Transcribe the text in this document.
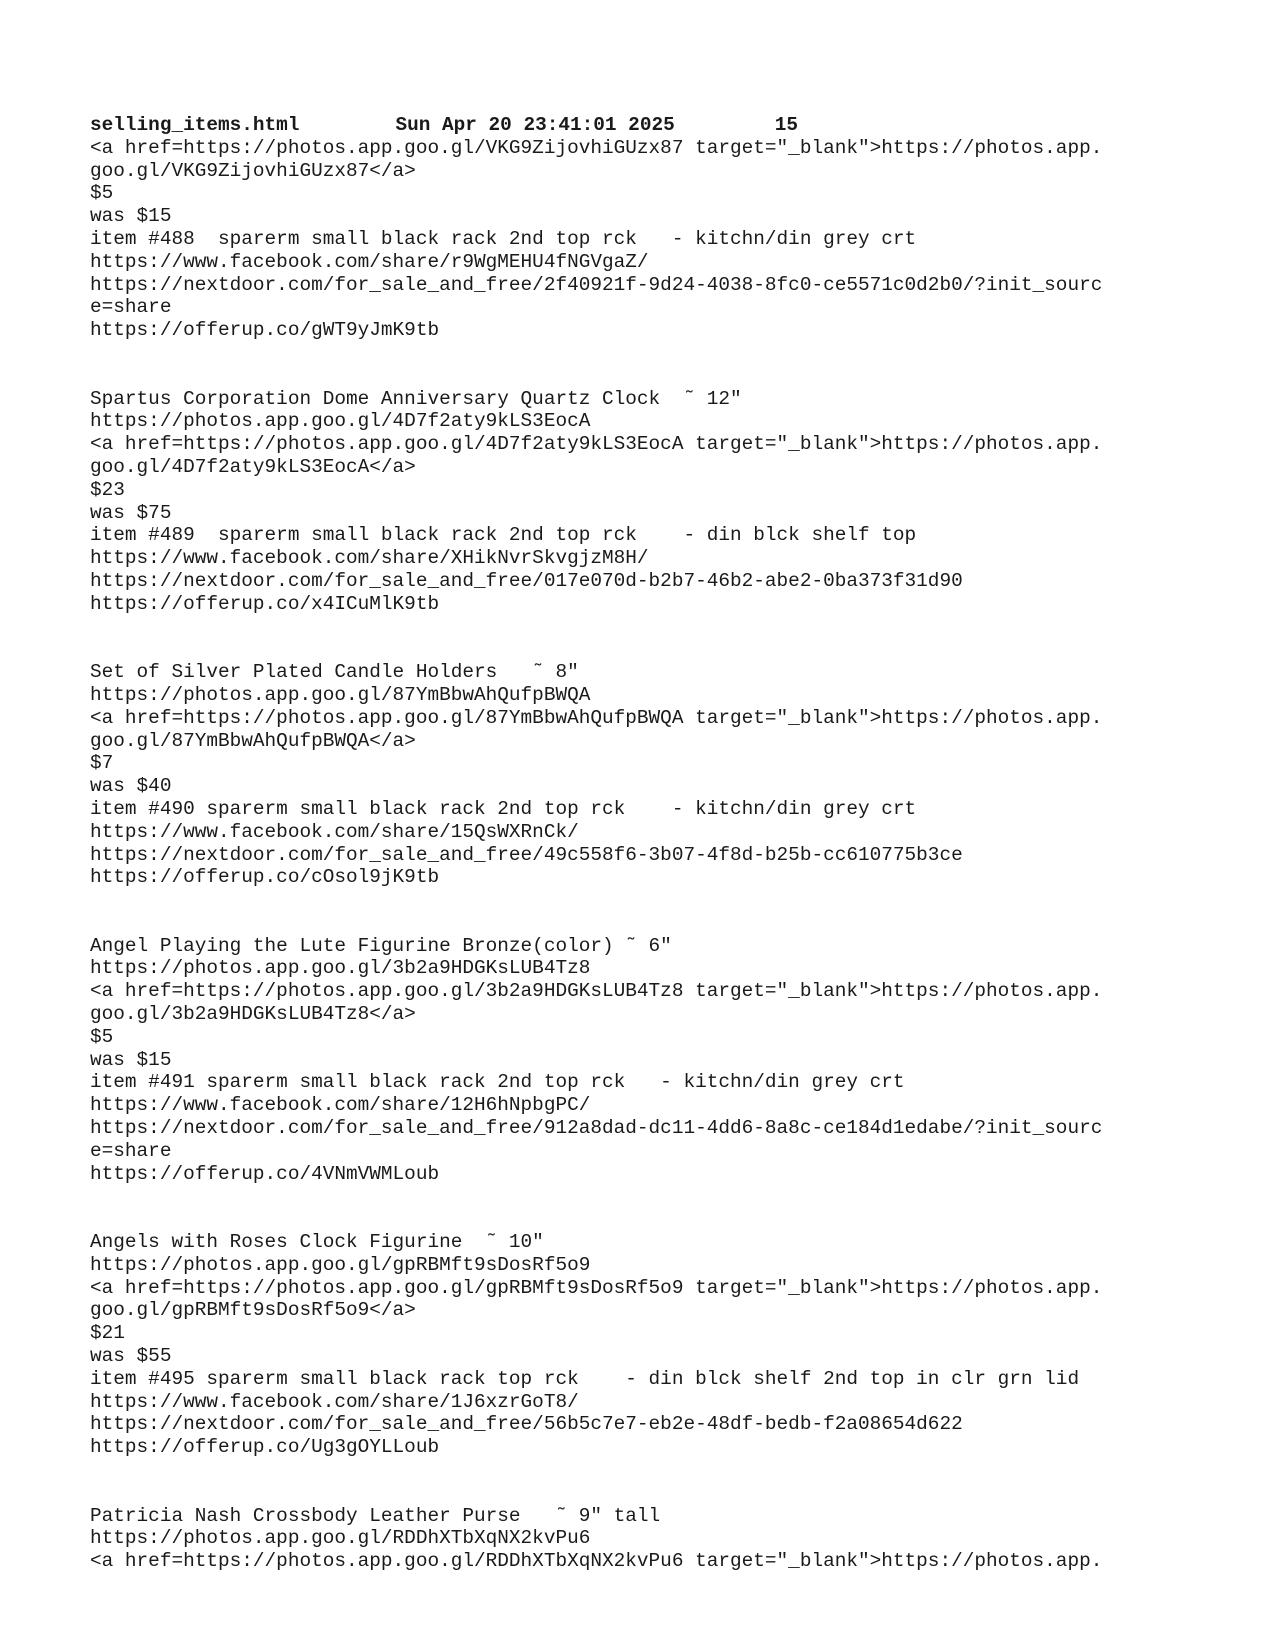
selling_items.html	Sun Apr 20 23:41:01 2025	15
<a href=https://photos.app.goo.gl/VKG9ZijovhiGUzx87 target="_blank">https://photos.app.
goo.gl/VKG9ZijovhiGUzx87</a>
$5
was $15
item #488  sparerm small black rack 2nd top rck   - kitchn/din grey crt
https://www.facebook.com/share/r9WgMEHU4fNGVgaZ/
https://nextdoor.com/for_sale_and_free/2f40921f-9d24-4038-8fc0-ce5571c0d2b0/?init_sourc
e=share
https://offerup.co/gWT9yJmK9tb
Spartus Corporation Dome Anniversary Quartz Clock  ˜ 12"
https://photos.app.goo.gl/4D7f2aty9kLS3EocA
<a href=https://photos.app.goo.gl/4D7f2aty9kLS3EocA target="_blank">https://photos.app.
goo.gl/4D7f2aty9kLS3EocA</a>
$23
was $75
item #489  sparerm small black rack 2nd top rck    - din blck shelf top
https://www.facebook.com/share/XHikNvrSkvgjzM8H/
https://nextdoor.com/for_sale_and_free/017e070d-b2b7-46b2-abe2-0ba373f31d90
https://offerup.co/x4ICuMlK9tb
Set of Silver Plated Candle Holders   ˜ 8"
https://photos.app.goo.gl/87YmBbwAhQufpBWQA
<a href=https://photos.app.goo.gl/87YmBbwAhQufpBWQA target="_blank">https://photos.app.
goo.gl/87YmBbwAhQufpBWQA</a>
$7
was $40
item #490 sparerm small black rack 2nd top rck    - kitchn/din grey crt
https://www.facebook.com/share/15QsWXRnCk/
https://nextdoor.com/for_sale_and_free/49c558f6-3b07-4f8d-b25b-cc610775b3ce
https://offerup.co/cOsol9jK9tb
Angel Playing the Lute Figurine Bronze(color) ˜ 6"
https://photos.app.goo.gl/3b2a9HDGKsLUB4Tz8
<a href=https://photos.app.goo.gl/3b2a9HDGKsLUB4Tz8 target="_blank">https://photos.app.
goo.gl/3b2a9HDGKsLUB4Tz8</a>
$5
was $15
item #491 sparerm small black rack 2nd top rck   - kitchn/din grey crt
https://www.facebook.com/share/12H6hNpbgPC/
https://nextdoor.com/for_sale_and_free/912a8dad-dc11-4dd6-8a8c-ce184d1edabe/?init_sourc
e=share
https://offerup.co/4VNmVWMLoub
Angels with Roses Clock Figurine  ˜ 10"
https://photos.app.goo.gl/gpRBMft9sDosRf5o9
<a href=https://photos.app.goo.gl/gpRBMft9sDosRf5o9 target="_blank">https://photos.app.
goo.gl/gpRBMft9sDosRf5o9</a>
$21
was $55
item #495 sparerm small black rack top rck    - din blck shelf 2nd top in clr grn lid
https://www.facebook.com/share/1J6xzrGoT8/
https://nextdoor.com/for_sale_and_free/56b5c7e7-eb2e-48df-bedb-f2a08654d622
https://offerup.co/Ug3gOYLLoub
Patricia Nash Crossbody Leather Purse   ˜ 9" tall
https://photos.app.goo.gl/RDDhXTbXqNX2kvPu6
<a href=https://photos.app.goo.gl/RDDhXTbXqNX2kvPu6 target="_blank">https://photos.app.
